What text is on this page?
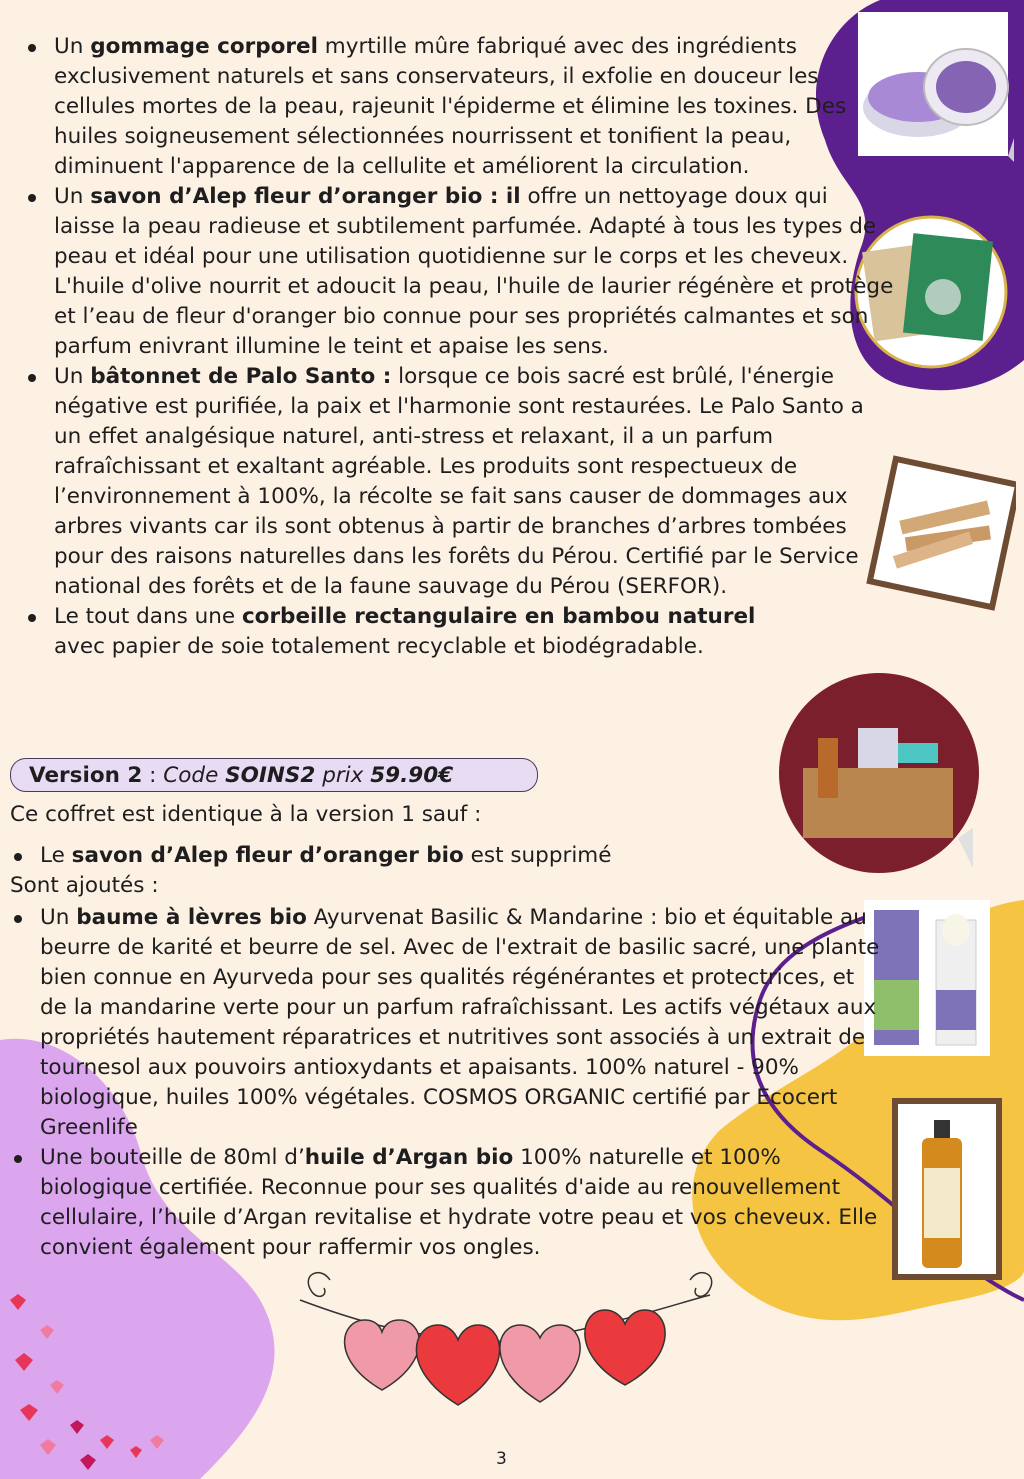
Un gommage corporel myrtille mûre fabriqué avec des ingrédients exclusivement naturels et sans conservateurs, il exfolie en douceur les cellules mortes de la peau, rajeunit l'épiderme et élimine les toxines. Des huiles soigneusement sélectionnées nourrissent et tonifient la peau, diminuent l'apparence de la cellulite et améliorent la circulation.
Un savon d’Alep fleur d’oranger bio : il offre un nettoyage doux qui laisse la peau radieuse et subtilement parfumée. Adapté à tous les types de peau et idéal pour une utilisation quotidienne sur le corps et les cheveux. L'huile d'olive nourrit et adoucit la peau, l'huile de laurier régénère et protège et l’eau de fleur d'oranger bio connue pour ses propriétés calmantes et son parfum enivrant illumine le teint et apaise les sens.
Un bâtonnet de Palo Santo : lorsque ce bois sacré est brûlé, l'énergie négative est purifiée, la paix et l'harmonie sont restaurées. Le Palo Santo a un effet analgésique naturel, anti-stress et relaxant, il a un parfum rafraîchissant et exaltant agréable. Les produits sont respectueux de l’environnement à 100%, la récolte se fait sans causer de dommages aux arbres vivants car ils sont obtenus à partir de branches d’arbres tombées pour des raisons naturelles dans les forêts du Pérou. Certifié par le Service national des forêts et de la faune sauvage du Pérou (SERFOR).
Le tout dans une corbeille rectangulaire en bambou naturel avec papier de soie totalement recyclable et biodégradable.
Version 2 : Code SOINS2 prix 59.90€
Ce coffret est identique à la version 1 sauf :
Le savon d’Alep fleur d’oranger bio est supprimé
Sont ajoutés :
Un baume à lèvres bio Ayurvenat Basilic & Mandarine : bio et équitable au beurre de karité et beurre de sel. Avec de l'extrait de basilic sacré, une plante bien connue en Ayurveda pour ses qualités régénérantes et protectrices, et de la mandarine verte pour un parfum rafraîchissant. Les actifs végétaux aux propriétés hautement réparatrices et nutritives sont associés à un extrait de tournesol aux pouvoirs antioxydants et apaisants. 100% naturel - 90% biologique, huiles 100% végétales. COSMOS ORGANIC certifié par Ecocert Greenlife
Une bouteille de 80ml d’huile d’Argan bio 100% naturelle et 100% biologique certifiée. Reconnue pour ses qualités d'aide au renouvellement cellulaire, l’huile d’Argan revitalise et hydrate votre peau et vos cheveux. Elle convient également pour raffermir vos ongles.
3
